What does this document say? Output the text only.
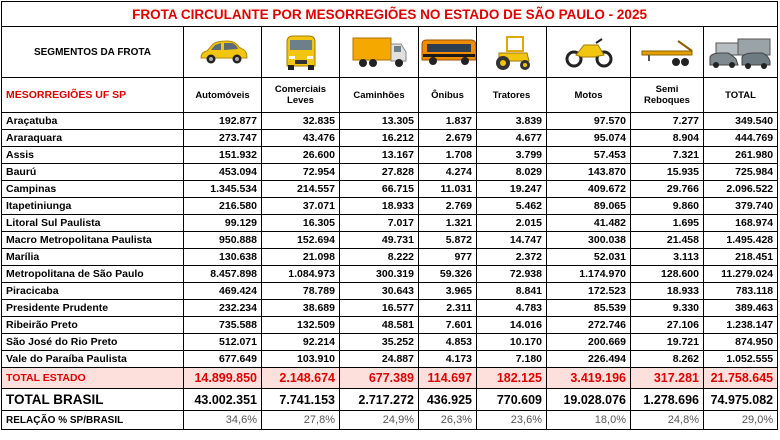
FROTA CIRCULANTE POR MESORREGIÕES NO ESTADO DE SÃO PAULO - 2025								
SEGMENTOS DA FROTA	

MESORREGIÕES UF SP	Automóveis	Comerciais Leves	Caminhões	Ônibus	Tratores	Motos	Semi Reboques	TOTAL
Araçatuba	192.877	32.835	13.305	1.837	3.839	97.570	7.277	349.540
Araraquara	273.747	43.476	16.212	2.679	4.677	95.074	8.904	444.769
Assis	151.932	26.600	13.167	1.708	3.799	57.453	7.321	261.980
Baurú	453.094	72.954	27.828	4.274	8.029	143.870	15.935	725.984
Campinas	1.345.534	214.557	66.715	11.031	19.247	409.672	29.766	2.096.522
Itapetiniunga	216.580	37.071	18.933	2.769	5.462	89.065	9.860	379.740
Litoral Sul Paulista	99.129	16.305	7.017	1.321	2.015	41.482	1.695	168.974
Macro Metropolitana Paulista	950.888	152.694	49.731	5.872	14.747	300.038	21.458	1.495.428
Marília	130.638	21.098	8.222	977	2.372	52.031	3.113	218.451
Metropolitana de São Paulo	8.457.898	1.084.973	300.319	59.326	72.938	1.174.970	128.600	11.279.024
Piracicaba	469.424	78.789	30.643	3.965	8.841	172.523	18.933	783.118
Presidente Prudente	232.234	38.689	16.577	2.311	4.783	85.539	9.330	389.463
Ribeirão Preto	735.588	132.509	48.581	7.601	14.016	272.746	27.106	1.238.147
São José do Rio Preto	512.071	92.214	35.252	4.853	10.170	200.669	19.721	874.950
Vale do Paraíba Paulista	677.649	103.910	24.887	4.173	7.180	226.494	8.262	1.052.555
TOTAL ESTADO	14.899.850	2.148.674	677.389	114.697	182.125	3.419.196	317.281	21.758.645
TOTAL BRASIL	43.002.351	7.741.153	2.717.272	436.925	770.609	19.028.076	1.278.696	74.975.082
RELAÇÃO % SP/BRASIL	34,6%	27,8%	24,9%	26,3%	23,6%	18,0%	24,8%	29,0%
